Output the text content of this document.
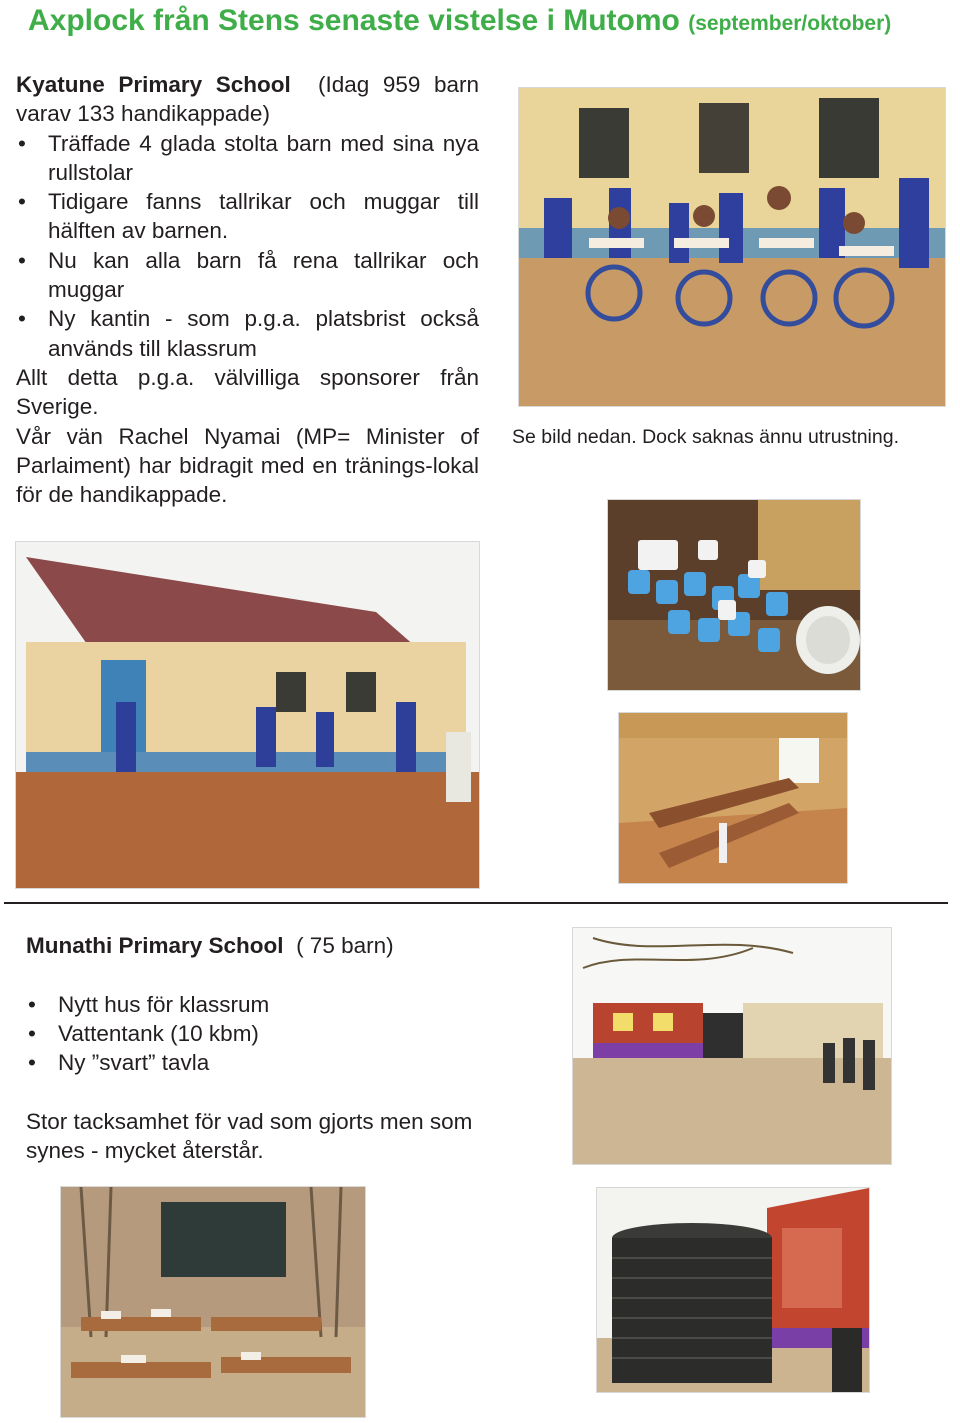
Axplock från Stens senaste vistelse i Mutomo (september/oktober)
Kyatune Primary School (Idag 959 barn varav 133 handikappade)
• Träffade 4 glada stolta barn med sina nya rullstolar
• Tidigare fanns tallrikar och muggar till hälften av barnen.
• Nu kan alla barn få rena tallrikar och muggar
• Ny kantin - som p.g.a. platsbrist också används till klassrum
Allt detta p.g.a. välvilliga sponsorer från Sverige.
Vår vän Rachel Nyamai (MP= Minister of Parlaiment) har bidragit med en tränings-lokal för de handikappade.
Se bild nedan. Dock saknas ännu utrustning.
Munathi Primary School ( 75 barn)
• Nytt hus för klassrum
• Vattentank (10 kbm)
• Ny ”svart” tavla
Stor tacksamhet för vad som gjorts men som synes - mycket återstår.
